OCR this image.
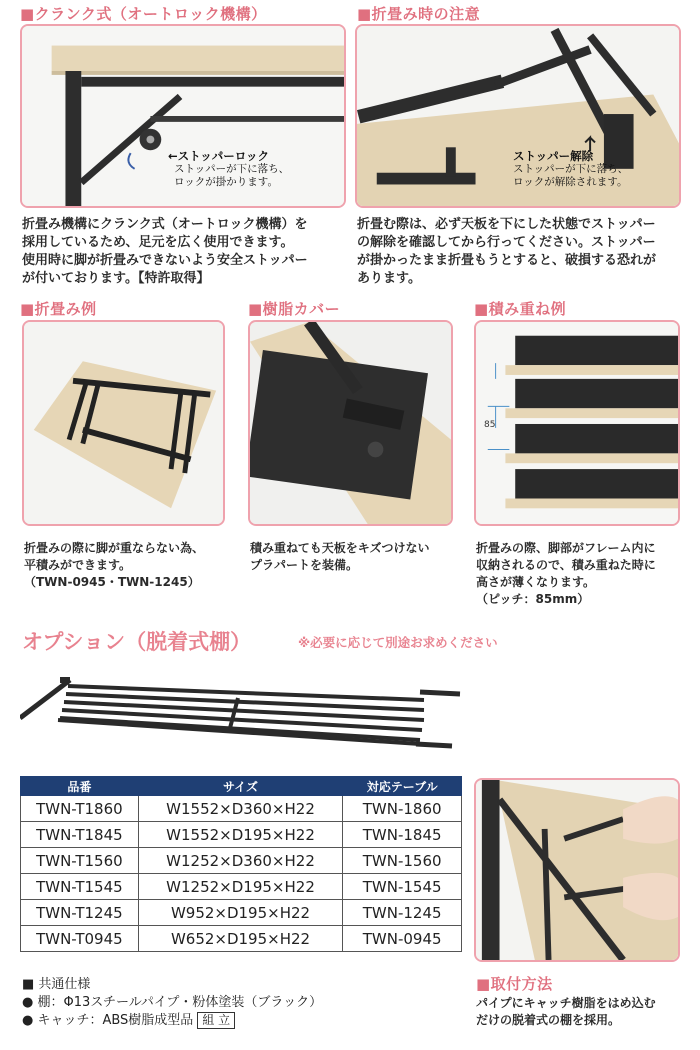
■クランク式（オートロック機構）
←ストッパーロック
ストッパーが下に落ち、
ロックが掛かります。
折畳み機構にクランク式（オートロック機構）を
採用しているため、足元を広く使用できます。
使用時に脚が折畳みできないよう安全ストッパー
が付いております。【特許取得】
■折畳み時の注意
ストッパー解除
ストッパーが下に落ち、
ロックが解除されます。
折畳む際は、必ず天板を下にした状態でストッパー
の解除を確認してから行ってください。ストッパー
が掛かったまま折畳もうとすると、破損する恐れが
あります。
■折畳み例
折畳みの際に脚が重ならない為、
平積みができます。
（TWN-0945・TWN-1245）
■樹脂カバー
積み重ねても天板をキズつけない
プラパートを装備。
■積み重ね例
85
折畳みの際、脚部がフレーム内に
収納されるので、積み重ねた時に
高さが薄くなります。
（ピッチ：85mm）
オプション（脱着式棚）	※必要に応じて別途お求めください
品番	サイズ	対応テーブル
TWN-T1860	W1552×D360×H22	TWN-1860
TWN-T1845	W1552×D195×H22	TWN-1845
TWN-T1560	W1252×D360×H22	TWN-1560
TWN-T1545	W1252×D195×H22	TWN-1545
TWN-T1245	W952×D195×H22	TWN-1245
TWN-T0945	W652×D195×H22	TWN-0945
■ 共通仕様
● 棚：Φ13スチールパイプ・粉体塗装（ブラック）
● キャッチ：ABS樹脂成型品 組 立
■取付方法
パイプにキャッチ樹脂をはめ込む
だけの脱着式の棚を採用。
